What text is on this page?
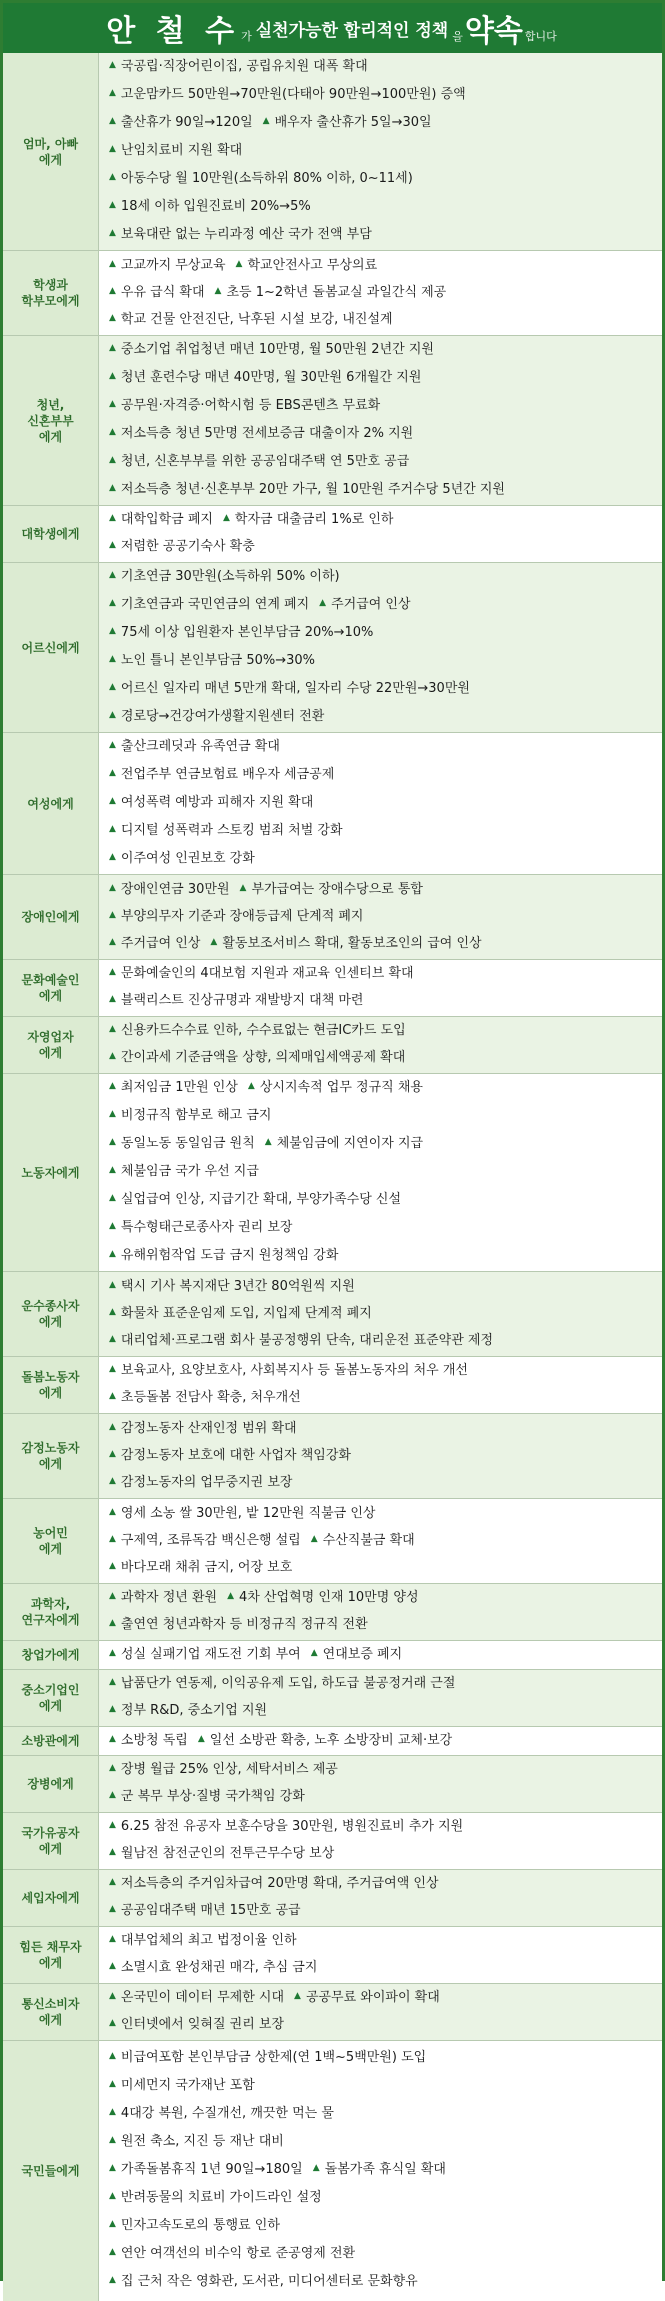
안 철 수 가 실천가능한 합리적인 정책 을 약속 합니다
엄마, 아빠
에게
▲ 국공립·직장어린이집, 공립유치원 대폭 확대
▲ 고운맘카드 50만원→70만원(다태아 90만원→100만원) 증액
▲ 출산휴가 90일→120일 ▲ 배우자 출산휴가 5일→30일
▲ 난임치료비 지원 확대
▲ 아동수당 월 10만원(소득하위 80% 이하, 0~11세)
▲ 18세 이하 입원진료비 20%→5%
▲ 보육대란 없는 누리과정 예산 국가 전액 부담
학생과
학부모에게
▲ 고교까지 무상교육 ▲ 학교안전사고 무상의료
▲ 우유 급식 확대 ▲ 초등 1~2학년 돌봄교실 과일간식 제공
▲ 학교 건물 안전진단, 낙후된 시설 보강, 내진설계
청년,
신혼부부
에게
▲ 중소기업 취업청년 매년 10만명, 월 50만원 2년간 지원
▲ 청년 훈련수당 매년 40만명, 월 30만원 6개월간 지원
▲ 공무원·자격증·어학시험 등 EBS콘텐츠 무료화
▲ 저소득층 청년 5만명 전세보증금 대출이자 2% 지원
▲ 청년, 신혼부부를 위한 공공임대주택 연 5만호 공급
▲ 저소득층 청년·신혼부부 20만 가구, 월 10만원 주거수당 5년간 지원
대학생에게
▲ 대학입학금 폐지 ▲ 학자금 대출금리 1%로 인하
▲ 저렴한 공공기숙사 확충
어르신에게
▲ 기초연금 30만원(소득하위 50% 이하)
▲ 기초연금과 국민연금의 연계 폐지 ▲ 주거급여 인상
▲ 75세 이상 입원환자 본인부담금 20%→10%
▲ 노인 틀니 본인부담금 50%→30%
▲ 어르신 일자리 매년 5만개 확대, 일자리 수당 22만원→30만원
▲ 경로당→건강여가생활지원센터 전환
여성에게
▲ 출산크레딧과 유족연금 확대
▲ 전업주부 연금보험료 배우자 세금공제
▲ 여성폭력 예방과 피해자 지원 확대
▲ 디지털 성폭력과 스토킹 범죄 처벌 강화
▲ 이주여성 인권보호 강화
장애인에게
▲ 장애인연금 30만원 ▲ 부가급여는 장애수당으로 통합
▲ 부양의무자 기준과 장애등급제 단계적 폐지
▲ 주거급여 인상 ▲ 활동보조서비스 확대, 활동보조인의 급여 인상
문화예술인
에게
▲ 문화예술인의 4대보험 지원과 재교육 인센티브 확대
▲ 블랙리스트 진상규명과 재발방지 대책 마련
자영업자
에게
▲ 신용카드수수료 인하, 수수료없는 현금IC카드 도입
▲ 간이과세 기준금액을 상향, 의제매입세액공제 확대
노동자에게
▲ 최저임금 1만원 인상 ▲ 상시지속적 업무 정규직 채용
▲ 비정규직 함부로 해고 금지
▲ 동일노동 동일임금 원칙 ▲ 체불임금에 지연이자 지급
▲ 체불임금 국가 우선 지급
▲ 실업급여 인상, 지급기간 확대, 부양가족수당 신설
▲ 특수형태근로종사자 권리 보장
▲ 유해위험작업 도급 금지 원청책임 강화
운수종사자
에게
▲ 택시 기사 복지재단 3년간 80억원씩 지원
▲ 화물차 표준운임제 도입, 지입제 단계적 폐지
▲ 대리업체·프로그램 회사 불공정행위 단속, 대리운전 표준약관 제정
돌봄노동자
에게
▲ 보육교사, 요양보호사, 사회복지사 등 돌봄노동자의 처우 개선
▲ 초등돌봄 전담사 확충, 처우개선
감정노동자
에게
▲ 감정노동자 산재인정 범위 확대
▲ 감정노동자 보호에 대한 사업자 책임강화
▲ 감정노동자의 업무중지권 보장
농어민
에게
▲ 영세 소농 쌀 30만원, 밭 12만원 직불금 인상
▲ 구제역, 조류독감 백신은행 설립 ▲ 수산직불금 확대
▲ 바다모래 채취 금지, 어장 보호
과학자,
연구자에게
▲ 과학자 정년 환원 ▲ 4차 산업혁명 인재 10만명 양성
▲ 출연연 청년과학자 등 비정규직 정규직 전환
창업가에게	▲ 성실 실패기업 재도전 기회 부여 ▲ 연대보증 폐지
중소기업인
에게
▲ 납품단가 연동제, 이익공유제 도입, 하도급 불공정거래 근절
▲ 정부 R&D, 중소기업 지원
소방관에게	▲ 소방청 독립 ▲ 일선 소방관 확충, 노후 소방장비 교체·보강
장병에게
▲ 장병 월급 25% 인상, 세탁서비스 제공
▲ 군 복무 부상·질병 국가책임 강화
국가유공자
에게
▲ 6.25 참전 유공자 보훈수당을 30만원, 병원진료비 추가 지원
▲ 월남전 참전군인의 전투근무수당 보상
세입자에게
▲ 저소득층의 주거임차급여 20만명 확대, 주거급여액 인상
▲ 공공임대주택 매년 15만호 공급
힘든 채무자
에게
▲ 대부업체의 최고 법정이율 인하
▲ 소멸시효 완성채권 매각, 추심 금지
통신소비자
에게
▲ 온국민이 데이터 무제한 시대 ▲ 공공무료 와이파이 확대
▲ 인터넷에서 잊혀질 권리 보장
국민들에게
▲ 비급여포함 본인부담금 상한제(연 1백~5백만원) 도입
▲ 미세먼지 국가재난 포함
▲ 4대강 복원, 수질개선, 깨끗한 먹는 물
▲ 원전 축소, 지진 등 재난 대비
▲ 가족돌봄휴직 1년 90일→180일 ▲ 돌봄가족 휴식일 확대
▲ 반려동물의 치료비 가이드라인 설정
▲ 민자고속도로의 통행료 인하
▲ 연안 여객선의 비수익 항로 준공영제 전환
▲ 집 근처 작은 영화관, 도서관, 미디어센터로 문화향유
